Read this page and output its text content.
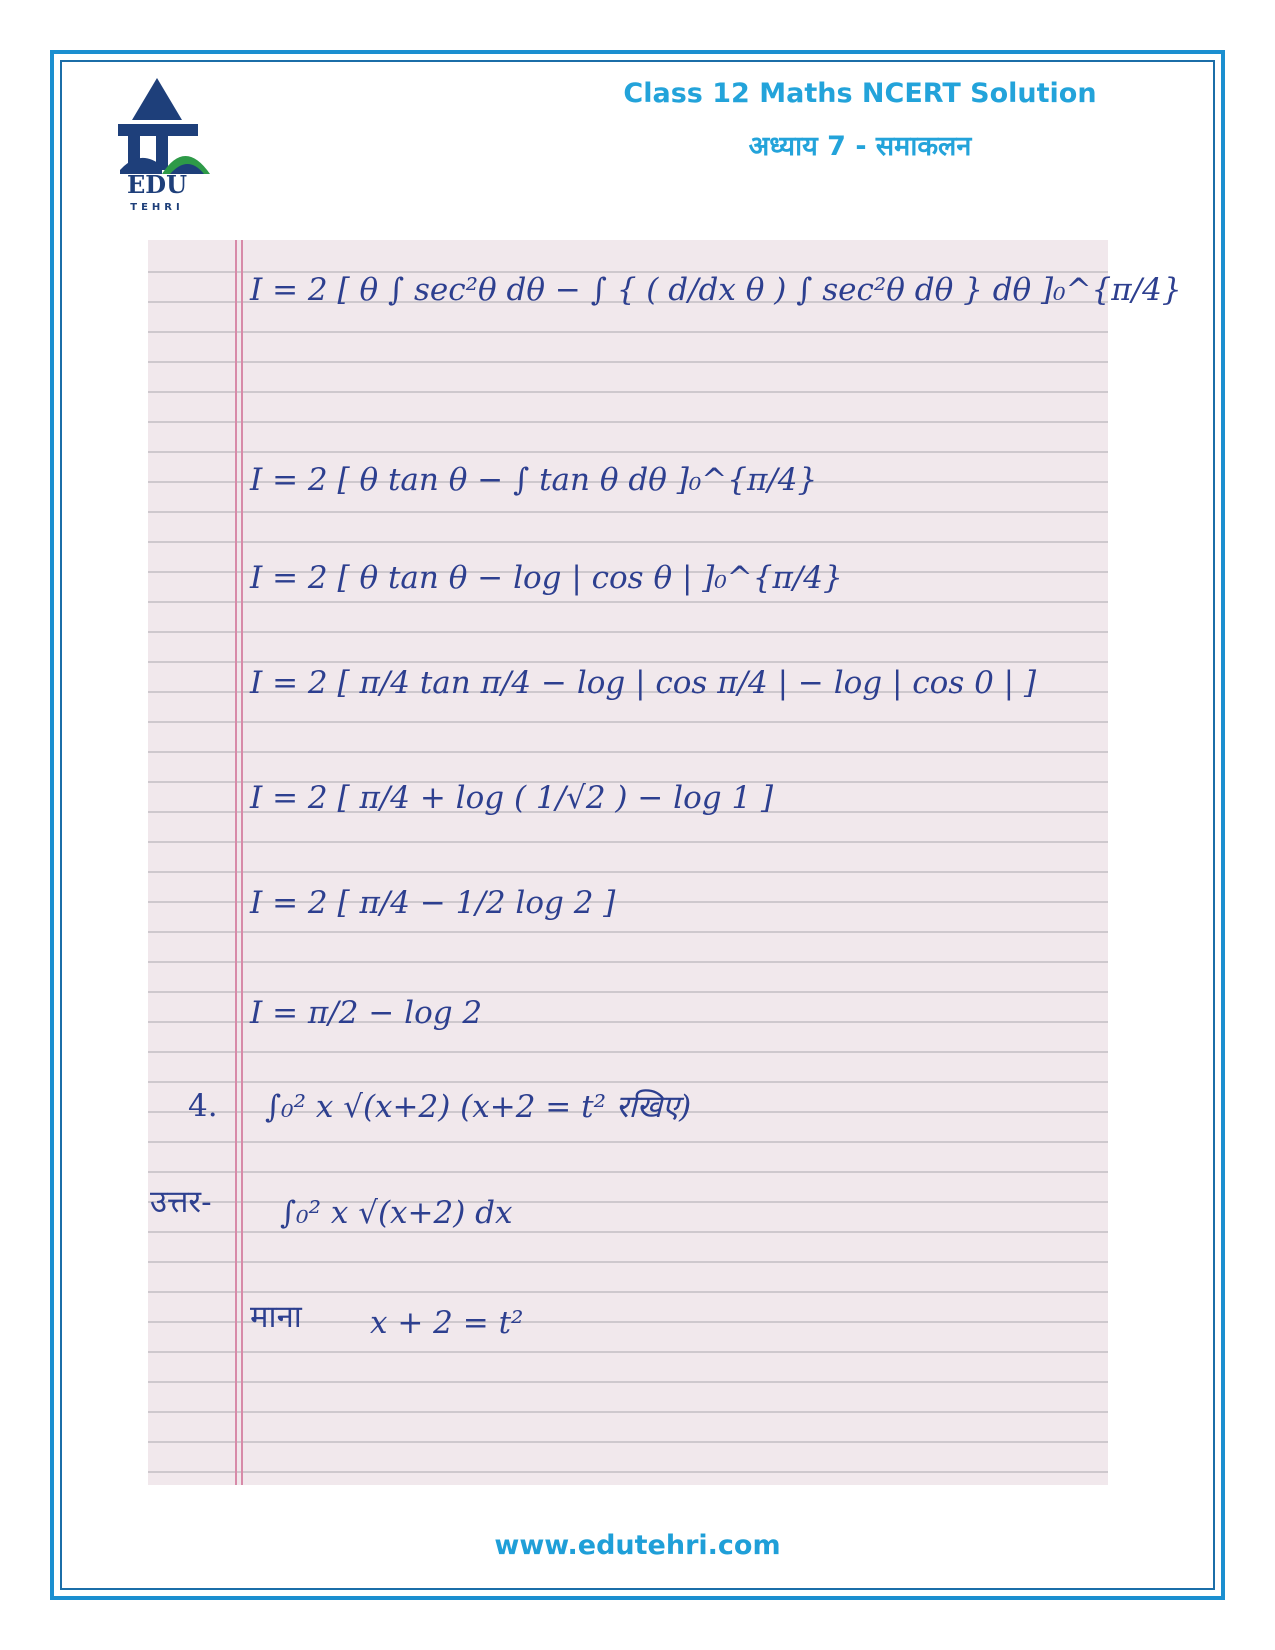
EDU
TEHRI
Class 12 Maths NCERT Solution
अध्याय 7 - समाकलन
I = 2 [ θ ∫ sec²θ dθ − ∫ { ( d/dx θ ) ∫ sec²θ dθ } dθ ]₀^{π/4}
I = 2 [ θ tan θ − ∫ tan θ dθ ]₀^{π/4}
I = 2 [ θ tan θ − log | cos θ | ]₀^{π/4}
I = 2 [ π/4 tan π/4 − log | cos π/4 | − log | cos 0 | ]
I = 2 [ π/4 + log ( 1/√2 ) − log 1 ]
I = 2 [ π/4 − 1/2 log 2 ]
I = π/2 − log 2
4. ∫₀² x √(x+2) (x+2 = t² रखिए)
उत्तर- ∫₀² x √(x+2) dx
माना x + 2 = t²
www.edutehri.com
